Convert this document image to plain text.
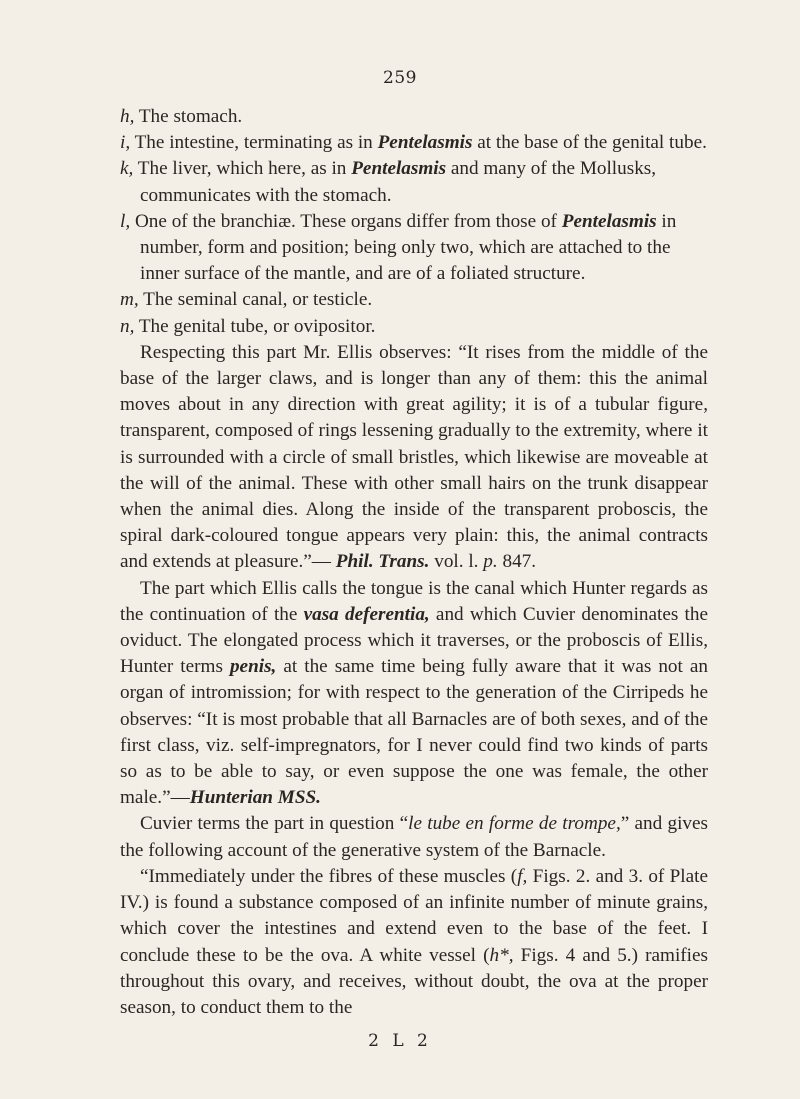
259

h, The stomach.

i, The intestine, terminating as in Pentelasmis at the base of the genital tube.

k, The liver, which here, as in Pentelasmis and many of the Mollusks, communicates with the stomach.

l, One of the branchiæ. These organs differ from those of Pentelasmis in number, form and position; being only two, which are attached to the inner surface of the mantle, and are of a foliated structure.

m, The seminal canal, or testicle.

n, The genital tube, or ovipositor.

Respecting this part Mr. Ellis observes: “It rises from the middle of the base of the larger claws, and is longer than any of them: this the animal moves about in any direction with great agility; it is of a tubular figure, transparent, composed of rings lessening gradually to the extremity, where it is surrounded with a circle of small bristles, which likewise are moveable at the will of the animal. These with other small hairs on the trunk disappear when the animal dies. Along the inside of the transparent proboscis, the spiral dark-coloured tongue appears very plain: this, the animal contracts and extends at pleasure.”— Phil. Trans. vol. l. p. 847.

The part which Ellis calls the tongue is the canal which Hunter regards as the continuation of the vasa deferentia, and which Cuvier denominates the oviduct. The elongated process which it traverses, or the proboscis of Ellis, Hunter terms penis, at the same time being fully aware that it was not an organ of intromission; for with respect to the generation of the Cirripeds he observes: “It is most probable that all Barnacles are of both sexes, and of the first class, viz. self-impregnators, for I never could find two kinds of parts so as to be able to say, or even suppose the one was female, the other male.”—Hunterian MSS.

Cuvier terms the part in question “le tube en forme de trompe,” and gives the following account of the generative system of the Barnacle.

“Immediately under the fibres of these muscles (f, Figs. 2. and 3. of Plate IV.) is found a substance composed of an infinite number of minute grains, which cover the intestines and extend even to the base of the feet. I conclude these to be the ova. A white vessel (h*, Figs. 4 and 5.) ramifies throughout this ovary, and receives, without doubt, the ova at the proper season, to conduct them to the

2 L 2
